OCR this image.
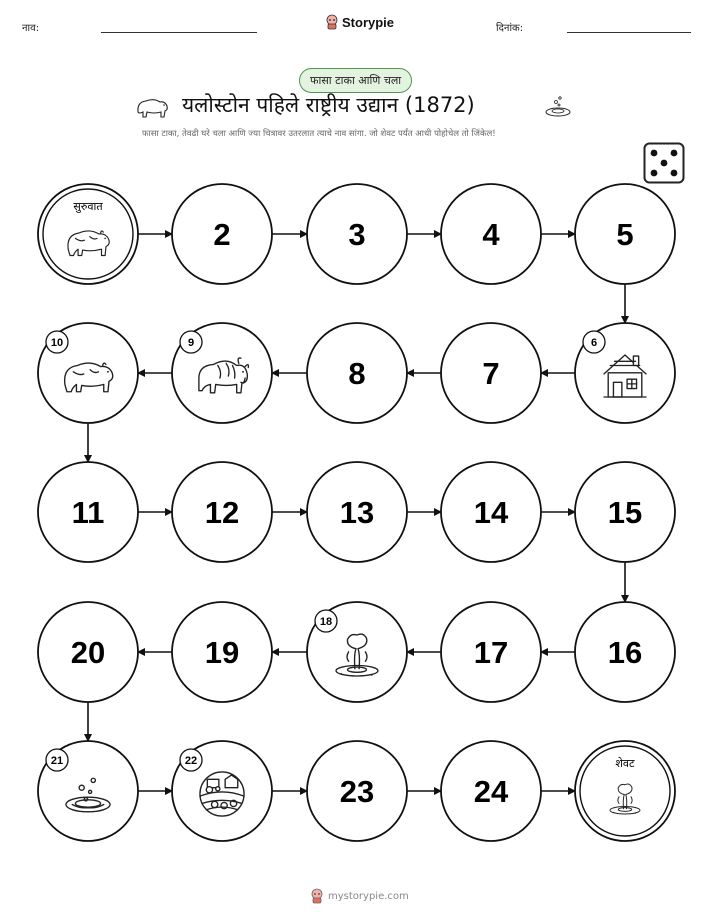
नाव:	Storypie	दिनांक:
फासा टाका आणि चला
यलोस्टोन पहिले राष्ट्रीय उद्यान (1872)
फासा टाका, तेवढी घरे चला आणि ज्या चित्रावर उतरलात त्याचे नाव सांगा. जो शेवट पर्यंत आधी पोहोचेल तो जिंकेल!
सुरुवात
2	3	4	5
6
7
8
9
10
11	12	13	14	15
16
17
18
19
20
21	22
23	24
शेवट
mystorypie.com
